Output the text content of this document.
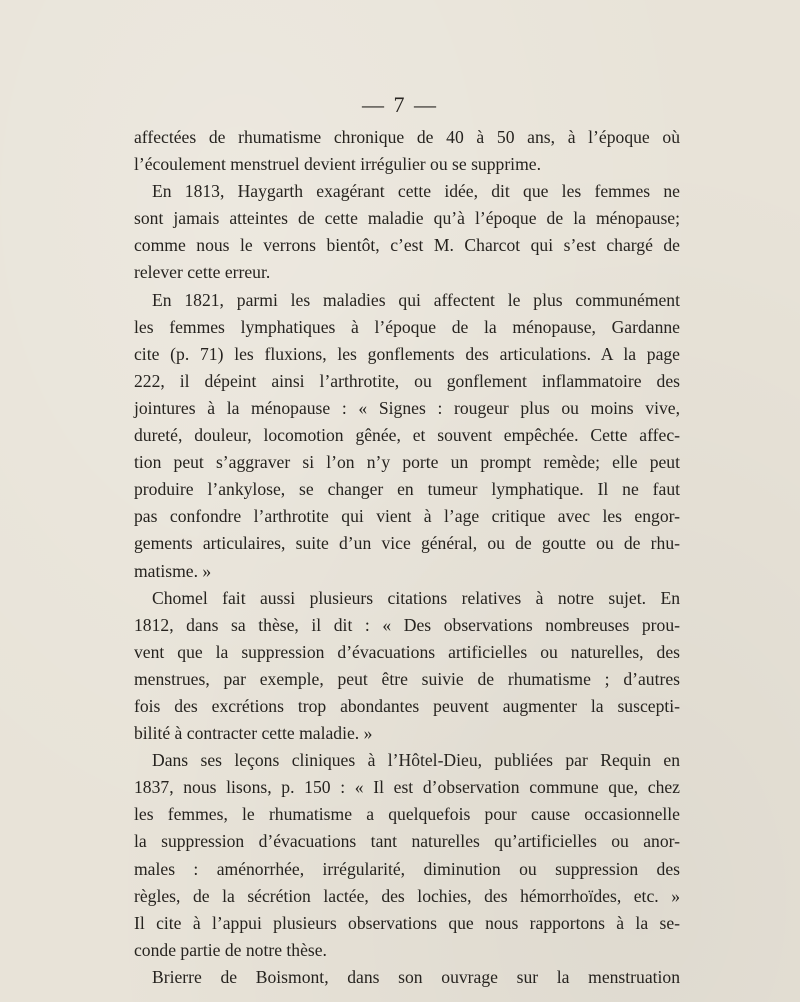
— 7 —
affectées de rhumatisme chronique de 40 à 50 ans, à l’époque où
l’écoulement menstruel devient irrégulier ou se supprime.
En 1813, Haygarth exagérant cette idée, dit que les femmes ne
sont jamais atteintes de cette maladie qu’à l’époque de la ménopause;
comme nous le verrons bientôt, c’est M. Charcot qui s’est chargé de
relever cette erreur.
En 1821, parmi les maladies qui affectent le plus communément
les femmes lymphatiques à l’époque de la ménopause, Gardanne
cite (p. 71) les fluxions, les gonflements des articulations. A la page
222, il dépeint ainsi l’arthrotite, ou gonflement inflammatoire des
jointures à la ménopause : « Signes : rougeur plus ou moins vive,
dureté, douleur, locomotion gênée, et souvent empêchée. Cette affec-
tion peut s’aggraver si l’on n’y porte un prompt remède; elle peut
produire l’ankylose, se changer en tumeur lymphatique. Il ne faut
pas confondre l’arthrotite qui vient à l’age critique avec les engor-
gements articulaires, suite d’un vice général, ou de goutte ou de rhu-
matisme. »
Chomel fait aussi plusieurs citations relatives à notre sujet. En
1812, dans sa thèse, il dit : « Des observations nombreuses prou-
vent que la suppression d’évacuations artificielles ou naturelles, des
menstrues, par exemple, peut être suivie de rhumatisme ; d’autres
fois des excrétions trop abondantes peuvent augmenter la suscepti-
bilité à contracter cette maladie. »
Dans ses leçons cliniques à l’Hôtel-Dieu, publiées par Requin en
1837, nous lisons, p. 150 : « Il est d’observation commune que, chez
les femmes, le rhumatisme a quelquefois pour cause occasionnelle
la suppression d’évacuations tant naturelles qu’artificielles ou anor-
males : aménorrhée, irrégularité, diminution ou suppression des
règles, de la sécrétion lactée, des lochies, des hémorrhoïdes, etc. »
Il cite à l’appui plusieurs observations que nous rapportons à la se-
conde partie de notre thèse.
Brierre de Boismont, dans son ouvrage sur la menstruation
